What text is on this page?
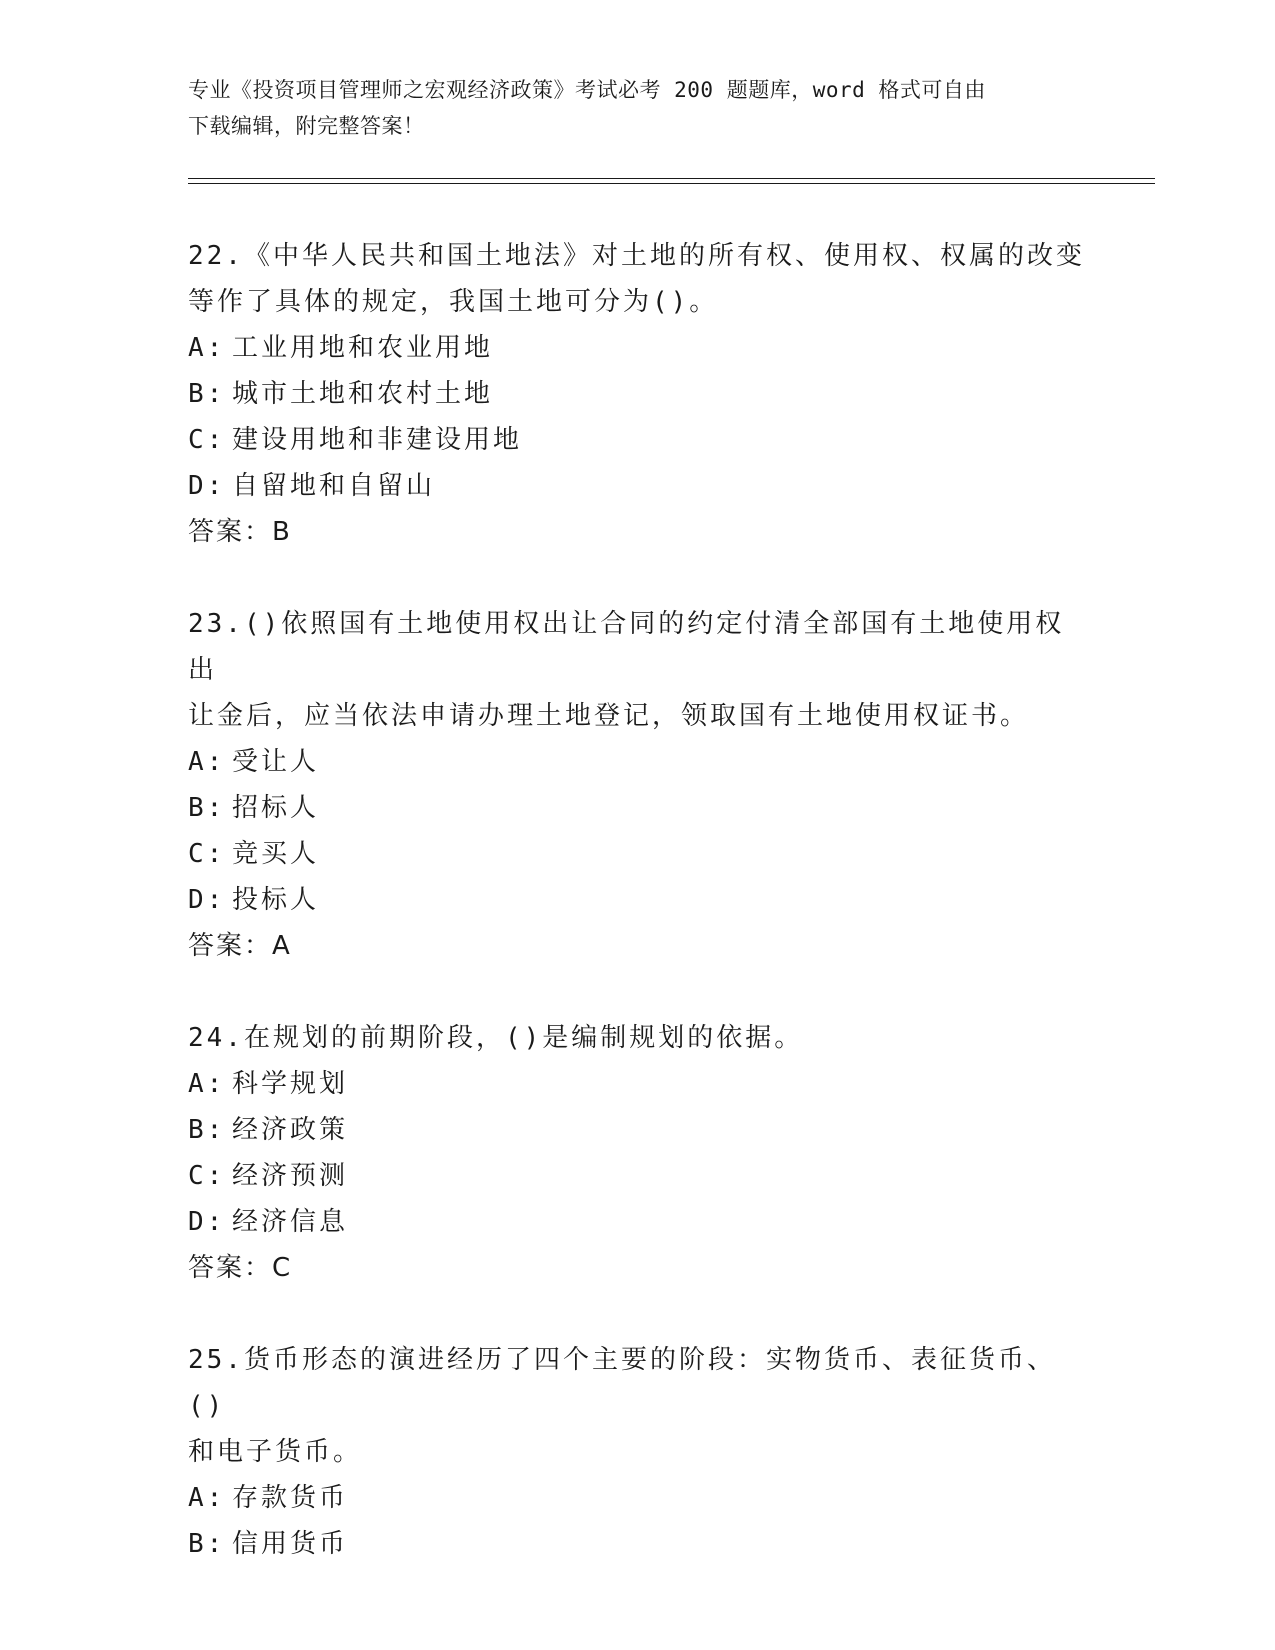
专业《投资项目管理师之宏观经济政策》考试必考 200 题题库，word 格式可自由
下载编辑，附完整答案！
22.《中华人民共和国土地法》对土地的所有权、使用权、权属的改变
等作了具体的规定，我国土地可分为()。
A: 工业用地和农业用地
B: 城市土地和农村土地
C: 建设用地和非建设用地
D: 自留地和自留山
答案：B
23.()依照国有土地使用权出让合同的约定付清全部国有土地使用权出
让金后，应当依法申请办理土地登记，领取国有土地使用权证书。
A: 受让人
B: 招标人
C: 竞买人
D: 投标人
答案：A
24.在规划的前期阶段，()是编制规划的依据。
A: 科学规划
B: 经济政策
C: 经济预测
D: 经济信息
答案：C
25.货币形态的演进经历了四个主要的阶段：实物货币、表征货币、()
和电子货币。
A: 存款货币
B: 信用货币
